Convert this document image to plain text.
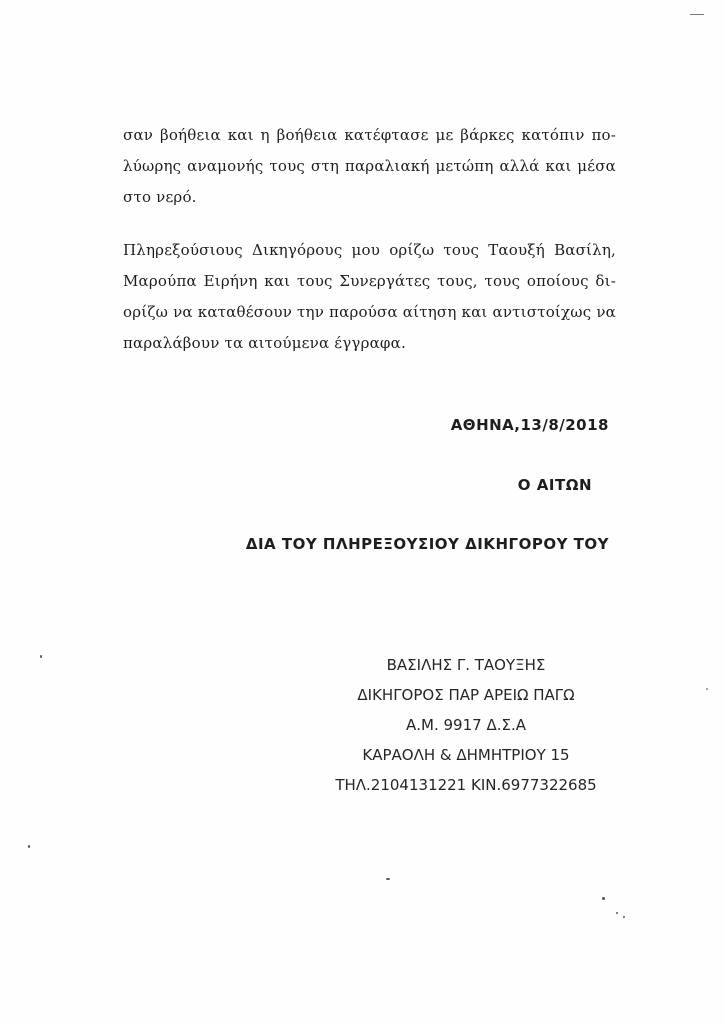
σαν βοήθεια και η βοήθεια κατέφτασε με βάρκες κατόπιν πο-
λύωρης αναμονής τους στη παραλιακή μετώπη αλλά και μέσα
στο νερό.
Πληρεξούσιους Δικηγόρους μου ορίζω τους Ταουξή Βασίλη,
Μαρούπα Ειρήνη και τους Συνεργάτες τους, τους οποίους δι-
ορίζω να καταθέσουν την παρούσα αίτηση και αντιστοίχως να
παραλάβουν τα αιτούμενα έγγραφα.
ΑΘΗΝΑ,13/8/2018
Ο ΑΙΤΩΝ
ΔΙΑ ΤΟΥ ΠΛΗΡΕΞΟΥΣΙΟΥ ΔΙΚΗΓΟΡΟΥ ΤΟΥ
ΒΑΣΙΛΗΣ Γ. ΤΑΟΥΞΗΣ
ΔΙΚΗΓΟΡΟΣ ΠΑΡ ΑΡΕΙΩ ΠΑΓΩ
Α.Μ. 9917 Δ.Σ.Α
ΚΑΡΑΟΛΗ & ΔΗΜΗΤΡΙΟΥ 15
ΤΗΛ.2104131221 ΚΙΝ.6977322685
